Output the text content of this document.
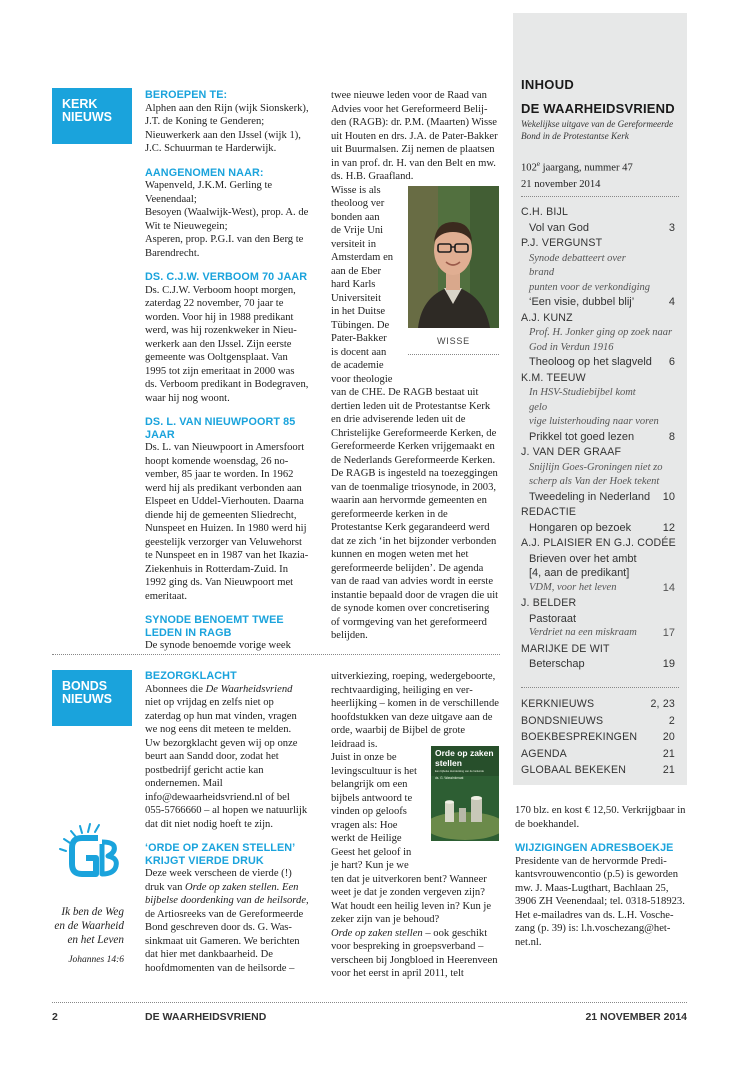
KERK
NIEUWS
BEROEPEN TE:

Alphen aan den Rijn (wijk Sionskerk), J.T. de Koning te Genderen; Nieuwerkerk aan den IJssel (wijk 1), J.C. Schuurman te Harderwijk.

AANGENOMEN NAAR:

Wapenveld, J.K.M. Gerling te Veenendaal;

Besoyen (Waalwijk-West), prop. A. de Wit te Nieuwegein;

Asperen, prop. P.G.I. van den Berg te Barendrecht.

DS. C.J.W. VERBOOM 70 JAAR

Ds. C.J.W. Verboom hoopt morgen, zaterdag 22 november, 70 jaar te worden. Voor hij in 1988 predikant werd, was hij rozenkweker in Nieuwerkerk aan den IJssel. Zijn eerste gemeente was Ooltgensplaat. Van 1995 tot zijn emeritaat in 2000 was ds. Verboom predikant in Bodegraven, waar hij nog woont.

DS. L. VAN NIEUWPOORT 85 JAAR

Ds. L. van Nieuwpoort in Amersfoort hoopt komende woensdag, 26 november, 85 jaar te worden. In 1962 werd hij als predikant verbonden aan Elspeet en Uddel-Vierhouten. Daarna diende hij de gemeenten Sliedrecht, Nunspeet en Huizen. In 1980 werd hij geestelijk verzorger van Veluwehorst te Nunspeet en in 1987 van het Ikazia-Ziekenhuis in Rotterdam-Zuid. In 1992 ging ds. Van Nieuwpoort met emeritaat.

SYNODE BENOEMT TWEE LEDEN IN RAGB

De synode benoemde vorige week

twee nieuwe leden voor de Raad van Advies voor het Gereformeerd Belijden (RAGB): dr. P.M. (Maarten) Wisse uit Houten en drs. J.A. de Pater-Bakker uit Buurmalsen. Zij nemen de plaatsen in van prof. dr. H. van den Belt en mw. ds. H.B. Graafland.

Wisse is als

theoloog ver

bonden aan

de Vrije Uni

versiteit in

Amsterdam en

aan de Eber

hard Karls

Universiteit

in het Duitse

Tübingen. De

Pater-Bakker

is docent aan

de academie

voor theologie

van de CHE. De RAGB bestaat uit dertien leden uit de Protestantse Kerk en drie adviserende leden uit de Christelijke Gereformeerde Kerken, de Gereformeerde Kerken vrijgemaakt en de Nederlands Gereformeerde Kerken. De RAGB is ingesteld na toezeggingen van de toenmalige triosynode, in 2003, waarin aan hervormde gemeenten en gereformeerde kerken in de Protestantse Kerk gegarandeerd werd dat ze zich ‘in het bijzonder verbonden kunnen en mogen weten met het gereformeerde belijden’. De agenda van de raad van advies wordt in eerste instantie bepaald door de vragen die uit de synode komen over concretisering of vormgeving van het gereformeerd belijden.

WISSE
BONDS
NIEUWS
BEZORGKLACHT

Abonnees die De Waarheidsvriend niet op vrijdag en zelfs niet op zaterdag op hun mat vinden, vragen we nog eens dit meteen te melden. Uw bezorgklacht geven wij op onze beurt aan Sandd door, zodat het postbedrijf gericht actie kan ondernemen. Mail info@dewaarheidsvriend.nl of bel 055-5766660 – al hopen we natuurlijk dat dit niet nodig hoeft te zijn.

‘ORDE OP ZAKEN STELLEN’ KRIJGT VIERDE DRUK

Deze week verscheen de vierde (!) druk van Orde op zaken stellen. Een bijbelse doordenking van de heilsorde, de Artiosreeks van de Gereformeerde Bond geschreven door ds. G. Wassinkmaat uit Gameren. We berichten dat hier met dankbaarheid. De hoofdmomenten van de heilsorde –

uitverkiezing, roeping, wedergeboorte, rechtvaardiging, heiliging en verheerlijking – komen in de verschillende hoofdstukken van deze uitgave aan de orde, waarbij de Bijbel de grote leidraad is.

Juist in onze be

levingscultuur is het

belangrijk om een

bijbels antwoord te

vinden op geloofs

vragen als: Hoe

werkt de Heilige

Geest het geloof in

je hart? Kun je we

ten dat je uitverkoren bent? Wanneer weet je dat je zonden vergeven zijn? Wat houdt een heilig leven in? Kun je zeker zijn van je behoud?

Orde op zaken stellen – ook geschikt voor bespreking in groepsverband – verscheen bij Jongbloed in Heerenveen voor het eerst in april 2011, telt

Orde op zaken stellen
Een bijbelse doordenking van de heilsorde
ds. G. Wassinkmaat
Ik ben de Weg
en de Waarheid
en het Leven
Johannes 14:6

170 blz. en kost € 12,50. Verkrijgbaar in de boekhandel.

WIJZIGINGEN ADRESBOEKJE

Presidente van de hervormde Predikantsvrouwencontio (p.5) is geworden mw. J. Maas-Lugthart, Bachlaan 25, 3906 ZH Veenendaal; tel. 0318-518923.

Het e-mailadres van ds. L.H. Voschezang (p. 39) is: l.h.voschezang@hetnet.nl.

INHOUD
DE WAARHEIDSVRIEND
Wekelijkse uitgave van de Gereformeerde
Bond in de Protestantse Kerk
102e jaargang, nummer 47
21 november 2014
C.H. BIJL
Vol van God	3
P.J. VERGUNST
Synode debatteert over brand
punten voor de verkondiging
‘Een visie, dubbel blij’	4
A.J. KUNZ
Prof. H. Jonker ging op zoek naar
God in Verdun 1916
Theoloog op het slagveld 6
K.M. TEEUW
In HSV-Studiebijbel komt gelo
vige luisterhouding naar voren
Prikkel tot goed lezen	8
J. VAN DER GRAAF
Snijlijn Goes-Groningen niet zo
scherp als Van der Hoek tekent
Tweedeling in Nederland 10
REDACTIE
Hongaren op bezoek	12
A.J. PLAISIER EN G.J. CODÉE
Brieven over het ambt
[4, aan de predikant]
VDM, voor het leven	14
J. BELDER
Pastoraat
Verdriet na een miskraam 17
MARIJKE DE WIT
Beterschap	19
KERKNIEUWS	2, 23
BONDSNIEUWS	2
BOEKBESPREKINGEN 20
AGENDA	21
GLOBAAL BEKEKEN	21
2	DE WAARHEIDSVRIEND	21 NOVEMBER 2014
